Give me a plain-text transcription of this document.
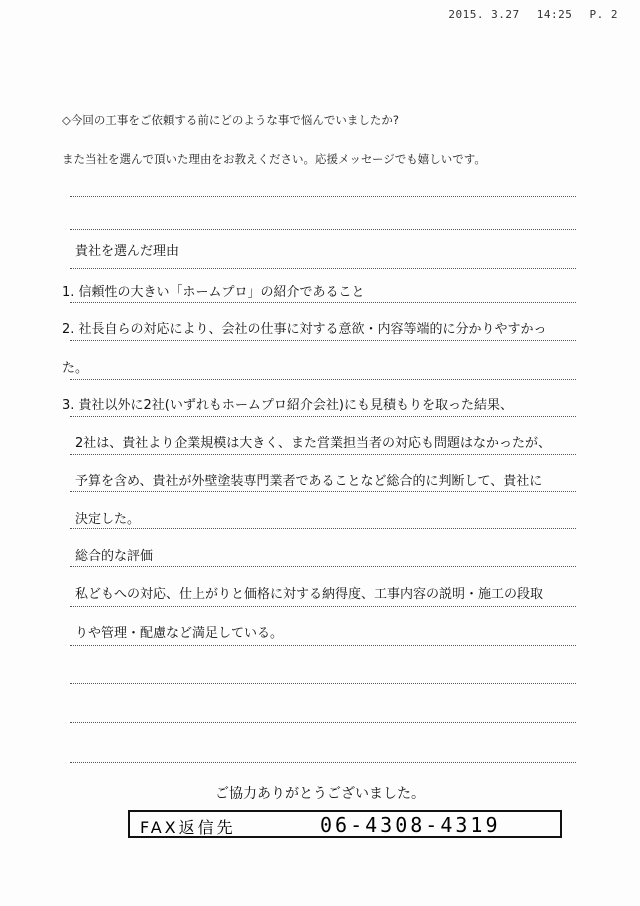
2015. 3.27 14:25 P. 2
◇今回の工事をご依頼する前にどのような事で悩んでいましたか?
また当社を選んで頂いた理由をお教えください。応援メッセージでも嬉しいです。
貴社を選んだ理由
1. 信頼性の大きい「ホームプロ」の紹介であること
2. 社長自らの対応により、会社の仕事に対する意欲・内容等端的に分かりやすかっ
た。
3. 貴社以外に2社(いずれもホームプロ紹介会社)にも見積もりを取った結果、
2社は、貴社より企業規模は大きく、また営業担当者の対応も問題はなかったが、
予算を含め、貴社が外壁塗装専門業者であることなど総合的に判断して、貴社に
決定した。
総合的な評価
私どもへの対応、仕上がりと価格に対する納得度、工事内容の説明・施工の段取
りや管理・配慮など満足している。
ご協力ありがとうございました。
FAX返信先	06-4308-4319
